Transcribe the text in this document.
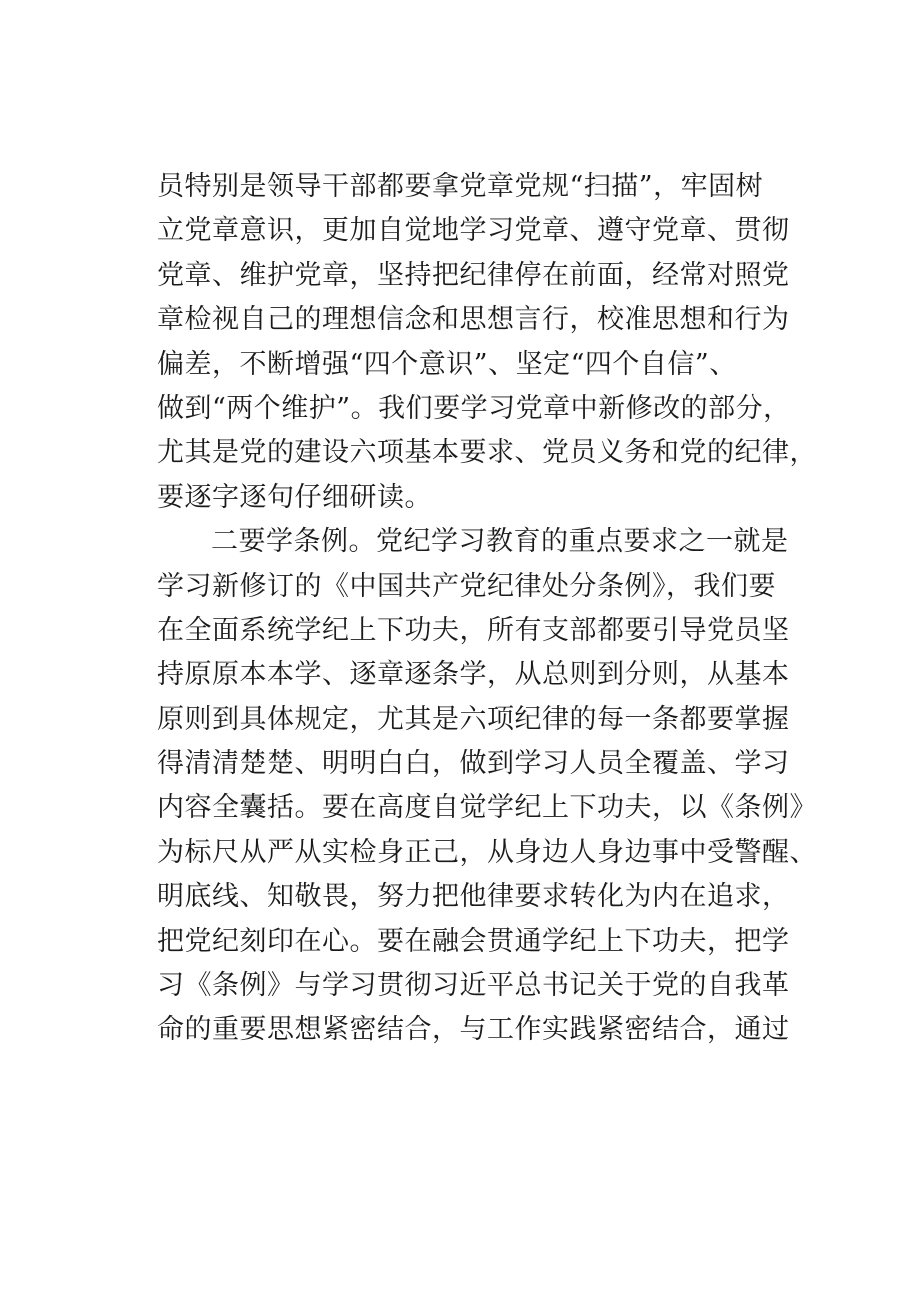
员特别是领导干部都要拿党章党规“扫描”，牢固树
立党章意识，更加自觉地学习党章、遵守党章、贯彻
党章、维护党章，坚持把纪律停在前面，经常对照党
章检视自己的理想信念和思想言行，校准思想和行为
偏差，不断增强“四个意识”、坚定“四个自信”、
做到“两个维护”。我们要学习党章中新修改的部分，
尤其是党的建设六项基本要求、党员义务和党的纪律，
要逐字逐句仔细研读。
二要学条例。党纪学习教育的重点要求之一就是
学习新修订的《中国共产党纪律处分条例》，我们要
在全面系统学纪上下功夫，所有支部都要引导党员坚
持原原本本学、逐章逐条学，从总则到分则，从基本
原则到具体规定，尤其是六项纪律的每一条都要掌握
得清清楚楚、明明白白，做到学习人员全覆盖、学习
内容全囊括。要在高度自觉学纪上下功夫，以《条例》
为标尺从严从实检身正己，从身边人身边事中受警醒、
明底线、知敬畏，努力把他律要求转化为内在追求，
把党纪刻印在心。要在融会贯通学纪上下功夫，把学
习《条例》与学习贯彻习近平总书记关于党的自我革
命的重要思想紧密结合，与工作实践紧密结合，通过
